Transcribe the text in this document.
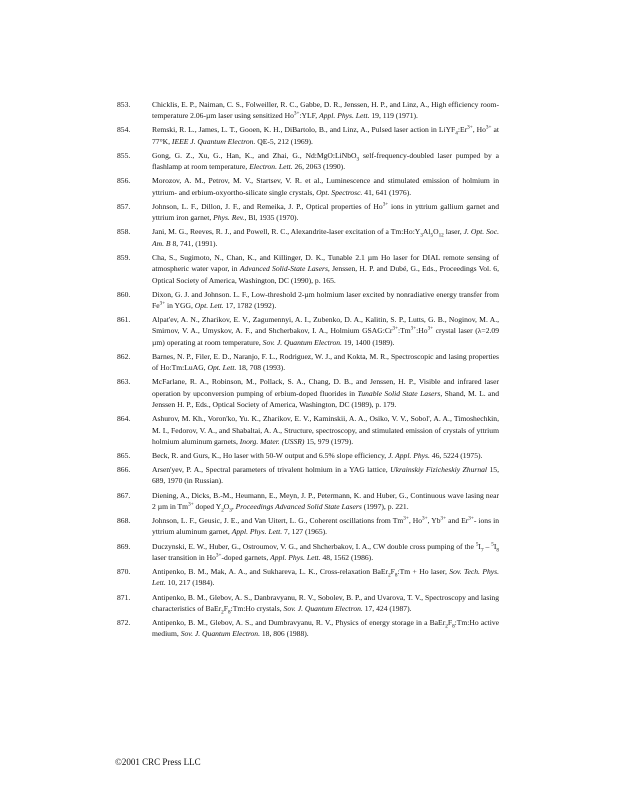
853.	Chicklis, E. P., Naiman, C. S., Folweiller, R. C., Gabbe, D. R., Jenssen, H. P., and Linz, A., High efficiency room-temperature 2.06-µm laser using sensitized $Ho^{3+}:YLF$, Appl. Phys. Lett. 19, 119 (1971).
854.	Remski, R. L., James, L. T., Gooen, K. H., DiBartolo, B., and Linz, A., Pulsed laser action in $LiYF_4:Er^{3+}$, $Ho^{3+}$ at 77°K, IEEE J. Quantum Electron. QE-5, 212 (1969).
855.	Gong, G. Z., Xu, G., Han, K., and Zhai, G., Nd:MgO:LiNbO$_3$ self-frequency-doubled laser pumped by a flashlamp at room temperature, Electron. Lett. 26, 2063 (1990).
856.	Morozov, A. M., Petrov, M. V., Startsev, V. R. et al., Luminescence and stimulated emission of holmium in yttrium- and erbium-oxyortho-silicate single crystals, Opt. Spectrosc. 41, 641 (1976).
857.	Johnson, L. F., Dillon, J. F., and Remeika, J. P., Optical properties of $Ho^{3+}$ ions in yttrium gallium garnet and yttrium iron garnet, Phys. Rev., Bl, 1935 (1970).
858.	Jani, M. G., Reeves, R. J., and Powell, R. C., Alexandrite-laser excitation of a $Tm:Ho:Y_3Al_5O_{12}$ laser, J. Opt. Soc. Am. B 8, 741, (1991).
859.	Cha, S., Sugimoto, N., Chan, K., and Killinger, D. K., Tunable 2.1 µm Ho laser for DIAL remote sensing of atmospheric water vapor, in Advanced Solid-State Lasers, Jenssen, H. P. and Dubé, G., Eds., Proceedings Vol. 6, Optical Society of America, Washington, DC (1990), p. 165.
860.	Dixon, G. J. and Johnson. L. F., Low-threshold 2-µm holmium laser excited by nonradiative energy transfer from $Fe^{3+}$ in YGG, Opt. Lett. 17, 1782 (1992).
861.	Alpat'ev, A. N., Zharikov, E. V., Zagumennyi, A. I., Zubenko, D. A., Kalitin, S. P., Lutts, G. B., Noginov, M. A., Smirnov, V. A., Umyskov, A. F., and Shcherbakov, I. A., Holmium $GSAG:Cr^{3+}:Tm^{3+}:Ho^{3+}$ crystal laser (λ=2.09 µm) operating at room temperature, Sov. J. Quantum Electron. 19, 1400 (1989).
862.	Barnes, N. P., Filer, E. D., Naranjo, F. L., Rodriguez, W. J., and Kokta, M. R., Spectroscopic and lasing properties of Ho:Tm:LuAG, Opt. Lett. 18, 708 (1993).
863.	McFarlane, R. A., Robinson, M., Pollack, S. A., Chang, D. B., and Jenssen, H. P., Visible and infrared laser operation by upconversion pumping of erbium-doped fluorides in Tunable Solid State Lasers, Shand, M. L. and Jenssen H. P., Eds., Optical Society of America, Washington, DC (1989), p. 179.
864.	Ashurov, M. Kh., Voron'ko, Yu. K., Zharikov, E. V., Kaminskii, A. A., Osiko, V. V., Sobol', A. A., Timoshechkin, M. I., Fedorov, V. A., and Shabaltai, A. A., Structure, spectroscopy, and stimulated emission of crystals of yttrium holmium aluminum garnets, Inorg. Mater. (USSR) 15, 979 (1979).
865.	Beck, R. and Gurs, K., Ho laser with 50-W output and 6.5% slope efficiency, J. Appl. Phys. 46, 5224 (1975).
866.	Arsen'yev, P. A., Spectral parameters of trivalent holmium in a YAG lattice, Ukrainskiy Fizicheskiy Zhurnal 15, 689, 1970 (in Russian).
867.	Diening, A., Dicks, B.-M., Heumann, E., Meyn, J. P., Petermann, K. and Huber, G., Continuous wave lasing near 2 µm in $Tm^{3+}$ doped $Y_2O_3$, Proceedings Advanced Solid State Lasers (1997), p. 221.
868.	Johnson, L. F., Geusic, J. E., and Van Uitert, L. G., Coherent oscillations from $Tm^{3+}$, $Ho^{3+}$, $Yb^{3+}$ and $Er^{3+}-$ ions in yttrium aluminum garnet, Appl. Phys. Lett. 7, 127 (1965).
869.	Duczynski, E. W., Huber, G., Ostroumov, V. G., and Shcherbakov, I. A., CW double cross pumping of the $^5I_7 - ^5I_8$ laser transition in $Ho^{3+}$-doped garnets, Appl. Phys. Lett. 48, 1562 (1986).
870.	Antipenko, B. M., Mak, A. A., and Sukhareva, L. K., Cross-relaxation $BaEr_2F_8:Tm + Ho$ laser, Sov. Tech. Phys. Lett. 10, 217 (1984).
871.	Antipenko, B. M., Glebov, A. S., Danbravyanu, R. V., Sobolev, B. P., and Uvarova, T. V., Spectroscopy and lasing characteristics of $BaEr_2F_8:Tm:Ho$ crystals, Sov. J. Quantum Electron. 17, 424 (1987).
872.	Antipenko, B. M., Glebov, A. S., and Dumbravyanu, R. V., Physics of energy storage in a $BaEr_2F_8:Tm:Ho$ active medium, Sov. J. Quantum Electron. 18, 806 (1988).
©2001 CRC Press LLC
